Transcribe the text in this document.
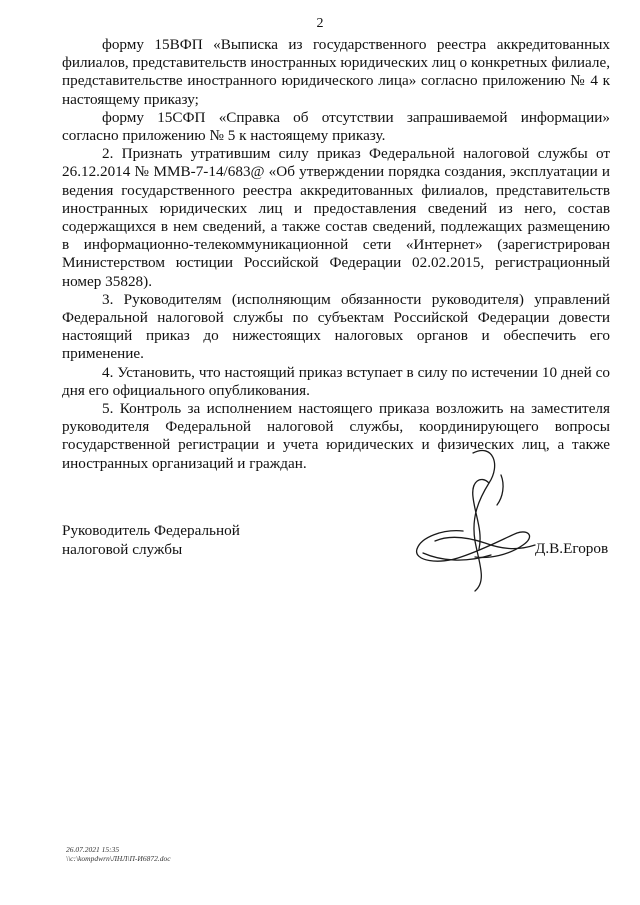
2

форму 15ВФП «Выписка из государственного реестра аккредитованных филиалов, представительств иностранных юридических лиц о конкретных филиале, представительстве иностранного юридического лица» согласно приложению № 4 к настоящему приказу;

форму 15СФП «Справка об отсутствии запрашиваемой информации» согласно приложению № 5 к настоящему приказу.

2. Признать утратившим силу приказ Федеральной налоговой службы от 26.12.2014 № ММВ-7-14/683@ «Об утверждении порядка создания, эксплуатации и ведения государственного реестра аккредитованных филиалов, представительств иностранных юридических лиц и предоставления сведений из него, состав содержащихся в нем сведений, а также состав сведений, подлежащих размещению в информационно-телекоммуникационной сети «Интернет» (зарегистрирован Министерством юстиции Российской Федерации 02.02.2015, регистрационный номер 35828).

3. Руководителям (исполняющим обязанности руководителя) управлений Федеральной налоговой службы по субъектам Российской Федерации довести настоящий приказ до нижестоящих налоговых органов и обеспечить его применение.

4. Установить, что настоящий приказ вступает в силу по истечении 10 дней со дня его официального опубликования.

5. Контроль за исполнением настоящего приказа возложить на заместителя руководителя Федеральной налоговой службы, координирующего вопросы государственной регистрации и учета юридических и физических лиц, а также иностранных организаций и граждан.

Руководитель Федеральной
налоговой службы	Д.В.Егоров
26.07.2021 15:35
\\c:\kompdwrn\ЛНЛ\П-И6872.doc
